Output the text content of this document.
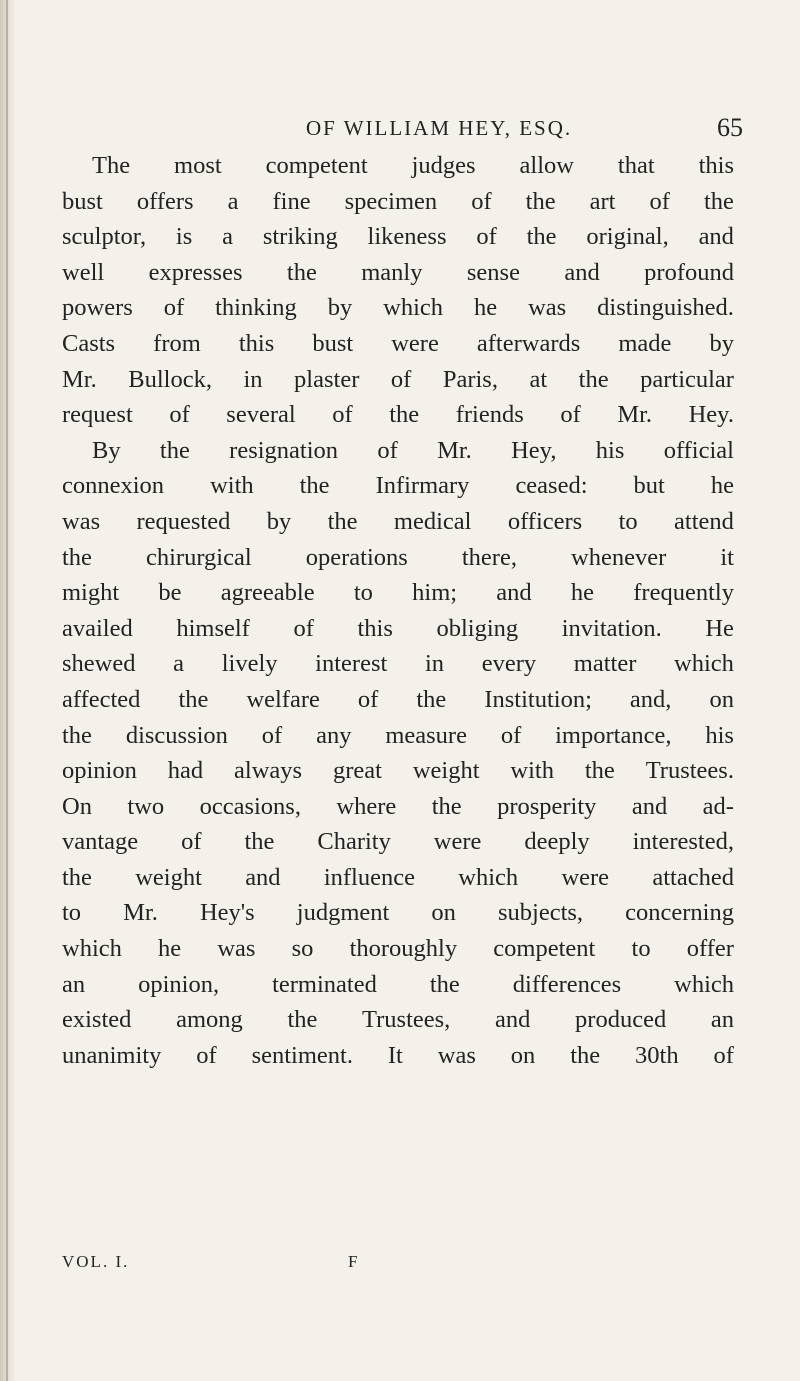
OF WILLIAM HEY, ESQ.	65
The most competent judges allow that this
bust offers a fine specimen of the art of the
sculptor, is a striking likeness of the original, and
well expresses the manly sense and profound
powers of thinking by which he was distinguished.
Casts from this bust were afterwards made by
Mr. Bullock, in plaster of Paris, at the particular
request of several of the friends of Mr. Hey.
By the resignation of Mr. Hey, his official
connexion with the Infirmary ceased: but he
was requested by the medical officers to attend
the chirurgical operations there, whenever it
might be agreeable to him; and he frequently
availed himself of this obliging invitation. He
shewed a lively interest in every matter which
affected the welfare of the Institution; and, on
the discussion of any measure of importance, his
opinion had always great weight with the Trustees.
On two occasions, where the prosperity and ad-
vantage of the Charity were deeply interested,
the weight and influence which were attached
to Mr. Hey's judgment on subjects, concerning
which he was so thoroughly competent to offer
an opinion, terminated the differences which
existed among the Trustees, and produced an
unanimity of sentiment. It was on the 30th of
VOL. I.	F
